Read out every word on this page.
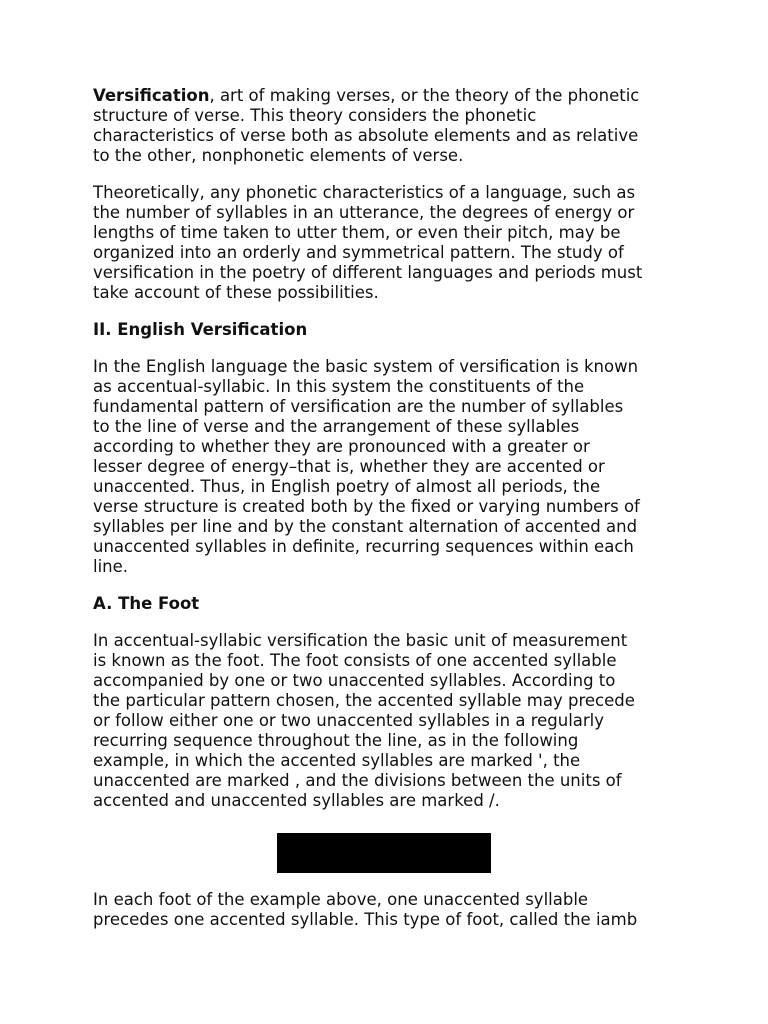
Versification, art of making verses, or the theory of the phonetic
structure of verse. This theory considers the phonetic
characteristics of verse both as absolute elements and as relative
to the other, nonphonetic elements of verse.

Theoretically, any phonetic characteristics of a language, such as
the number of syllables in an utterance, the degrees of energy or
lengths of time taken to utter them, or even their pitch, may be
organized into an orderly and symmetrical pattern. The study of
versification in the poetry of different languages and periods must
take account of these possibilities.

II. English Versification

In the English language the basic system of versification is known
as accentual-syllabic. In this system the constituents of the
fundamental pattern of versification are the number of syllables
to the line of verse and the arrangement of these syllables
according to whether they are pronounced with a greater or
lesser degree of energy–that is, whether they are accented or
unaccented. Thus, in English poetry of almost all periods, the
verse structure is created both by the fixed or varying numbers of
syllables per line and by the constant alternation of accented and
unaccented syllables in definite, recurring sequences within each
line.

A. The Foot

In accentual-syllabic versification the basic unit of measurement
is known as the foot. The foot consists of one accented syllable
accompanied by one or two unaccented syllables. According to
the particular pattern chosen, the accented syllable may precede
or follow either one or two unaccented syllables in a regularly
recurring sequence throughout the line, as in the following
example, in which the accented syllables are marked ', the
unaccented are marked , and the divisions between the units of
accented and unaccented syllables are marked /.

In each foot of the example above, one unaccented syllable
precedes one accented syllable. This type of foot, called the iamb
